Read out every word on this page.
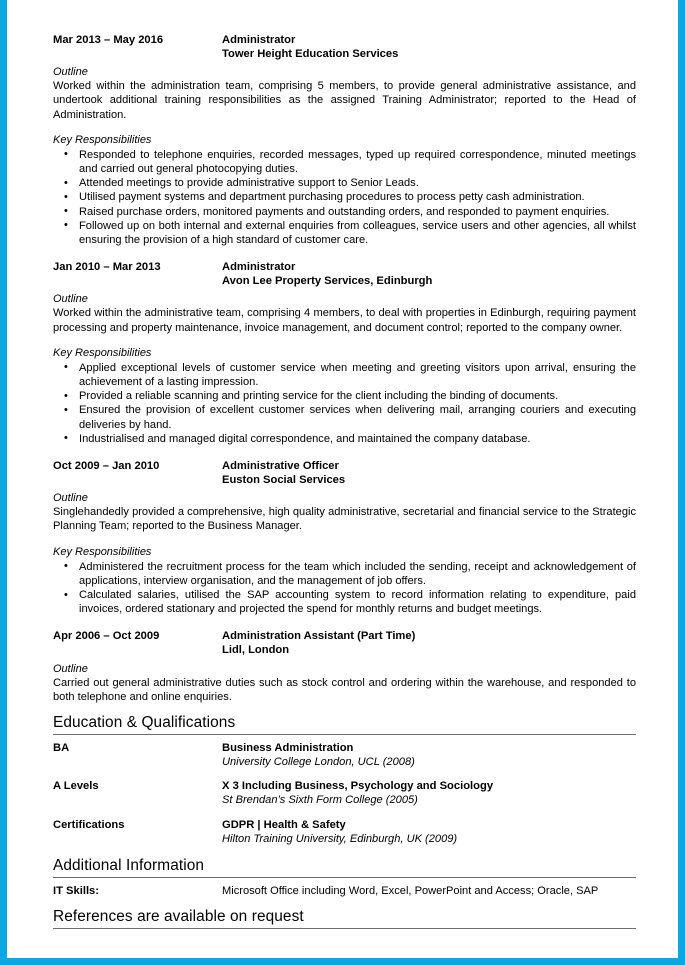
Mar 2013 – May 2016	Administrator
Tower Height Education Services
Outline
Worked within the administration team, comprising 5 members, to provide general administrative assistance, and undertook additional training responsibilities as the assigned Training Administrator; reported to the Head of Administration.
Key Responsibilities
• Responded to telephone enquiries, recorded messages, typed up required correspondence, minuted meetings and carried out general photocopying duties.
• Attended meetings to provide administrative support to Senior Leads.
• Utilised payment systems and department purchasing procedures to process petty cash administration.
• Raised purchase orders, monitored payments and outstanding orders, and responded to payment enquiries.
• Followed up on both internal and external enquiries from colleagues, service users and other agencies, all whilst ensuring the provision of a high standard of customer care.
Jan 2010 – Mar 2013	Administrator
Avon Lee Property Services, Edinburgh
Outline
Worked within the administrative team, comprising 4 members, to deal with properties in Edinburgh, requiring payment processing and property maintenance, invoice management, and document control; reported to the company owner.
Key Responsibilities
• Applied exceptional levels of customer service when meeting and greeting visitors upon arrival, ensuring the achievement of a lasting impression.
• Provided a reliable scanning and printing service for the client including the binding of documents.
• Ensured the provision of excellent customer services when delivering mail, arranging couriers and executing deliveries by hand.
• Industrialised and managed digital correspondence, and maintained the company database.
Oct 2009 – Jan 2010	Administrative Officer
Euston Social Services
Outline
Singlehandedly provided a comprehensive, high quality administrative, secretarial and financial service to the Strategic Planning Team; reported to the Business Manager.
Key Responsibilities
• Administered the recruitment process for the team which included the sending, receipt and acknowledgement of applications, interview organisation, and the management of job offers.
• Calculated salaries, utilised the SAP accounting system to record information relating to expenditure, paid invoices, ordered stationary and projected the spend for monthly returns and budget meetings.
Apr 2006 – Oct 2009	Administration Assistant (Part Time)
Lidl, London
Outline
Carried out general administrative duties such as stock control and ordering within the warehouse, and responded to both telephone and online enquiries.
Education & Qualifications
BA	Business Administration
University College London, UCL (2008)
A Levels	X 3 Including Business, Psychology and Sociology
St Brendan’s Sixth Form College (2005)
Certifications	GDPR | Health & Safety
Hilton Training University, Edinburgh, UK (2009)
Additional Information
IT Skills:	Microsoft Office including Word, Excel, PowerPoint and Access; Oracle, SAP
References are available on request
